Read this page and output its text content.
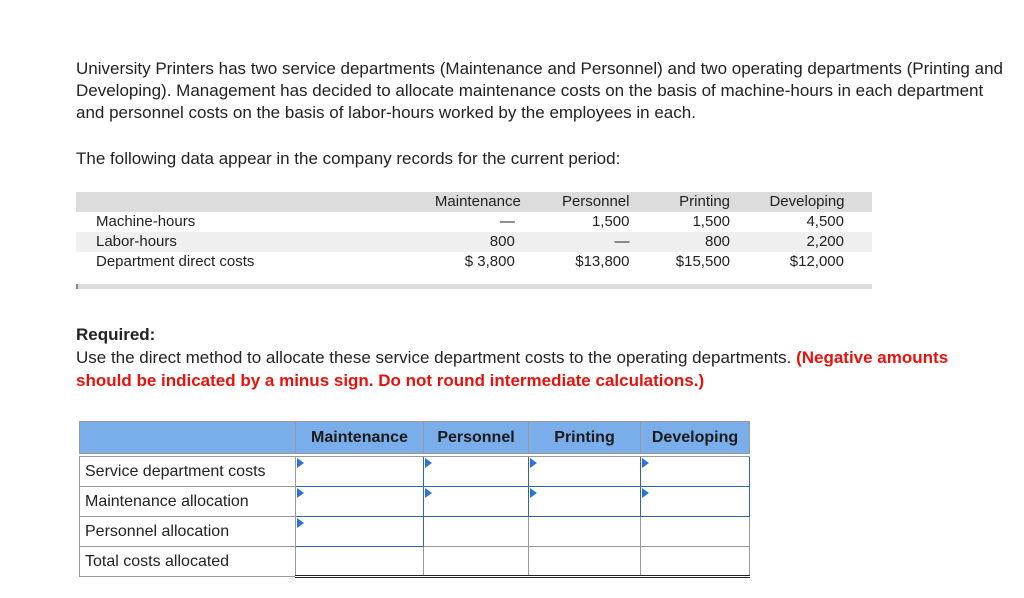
University Printers has two service departments (Maintenance and Personnel) and two operating departments (Printing and Developing). Management has decided to allocate maintenance costs on the basis of machine-hours in each department and personnel costs on the basis of labor-hours worked by the employees in each.

The following data appear in the company records for the current period:

	Maintenance	Personnel	Printing	Developing
Machine-hours	—	1,500	1,500	4,500
Labor-hours	800	—	800	2,200
Department direct costs	$ 3,800	$13,800	$15,500	$12,000
Required:
Use the direct method to allocate these service department costs to the operating departments. (Negative amounts should be indicated by a minus sign. Do not round intermediate calculations.)
	Maintenance	Personnel	Printing	Developing

Service department costs				
Maintenance allocation				
Personnel allocation				
Total costs allocated				
